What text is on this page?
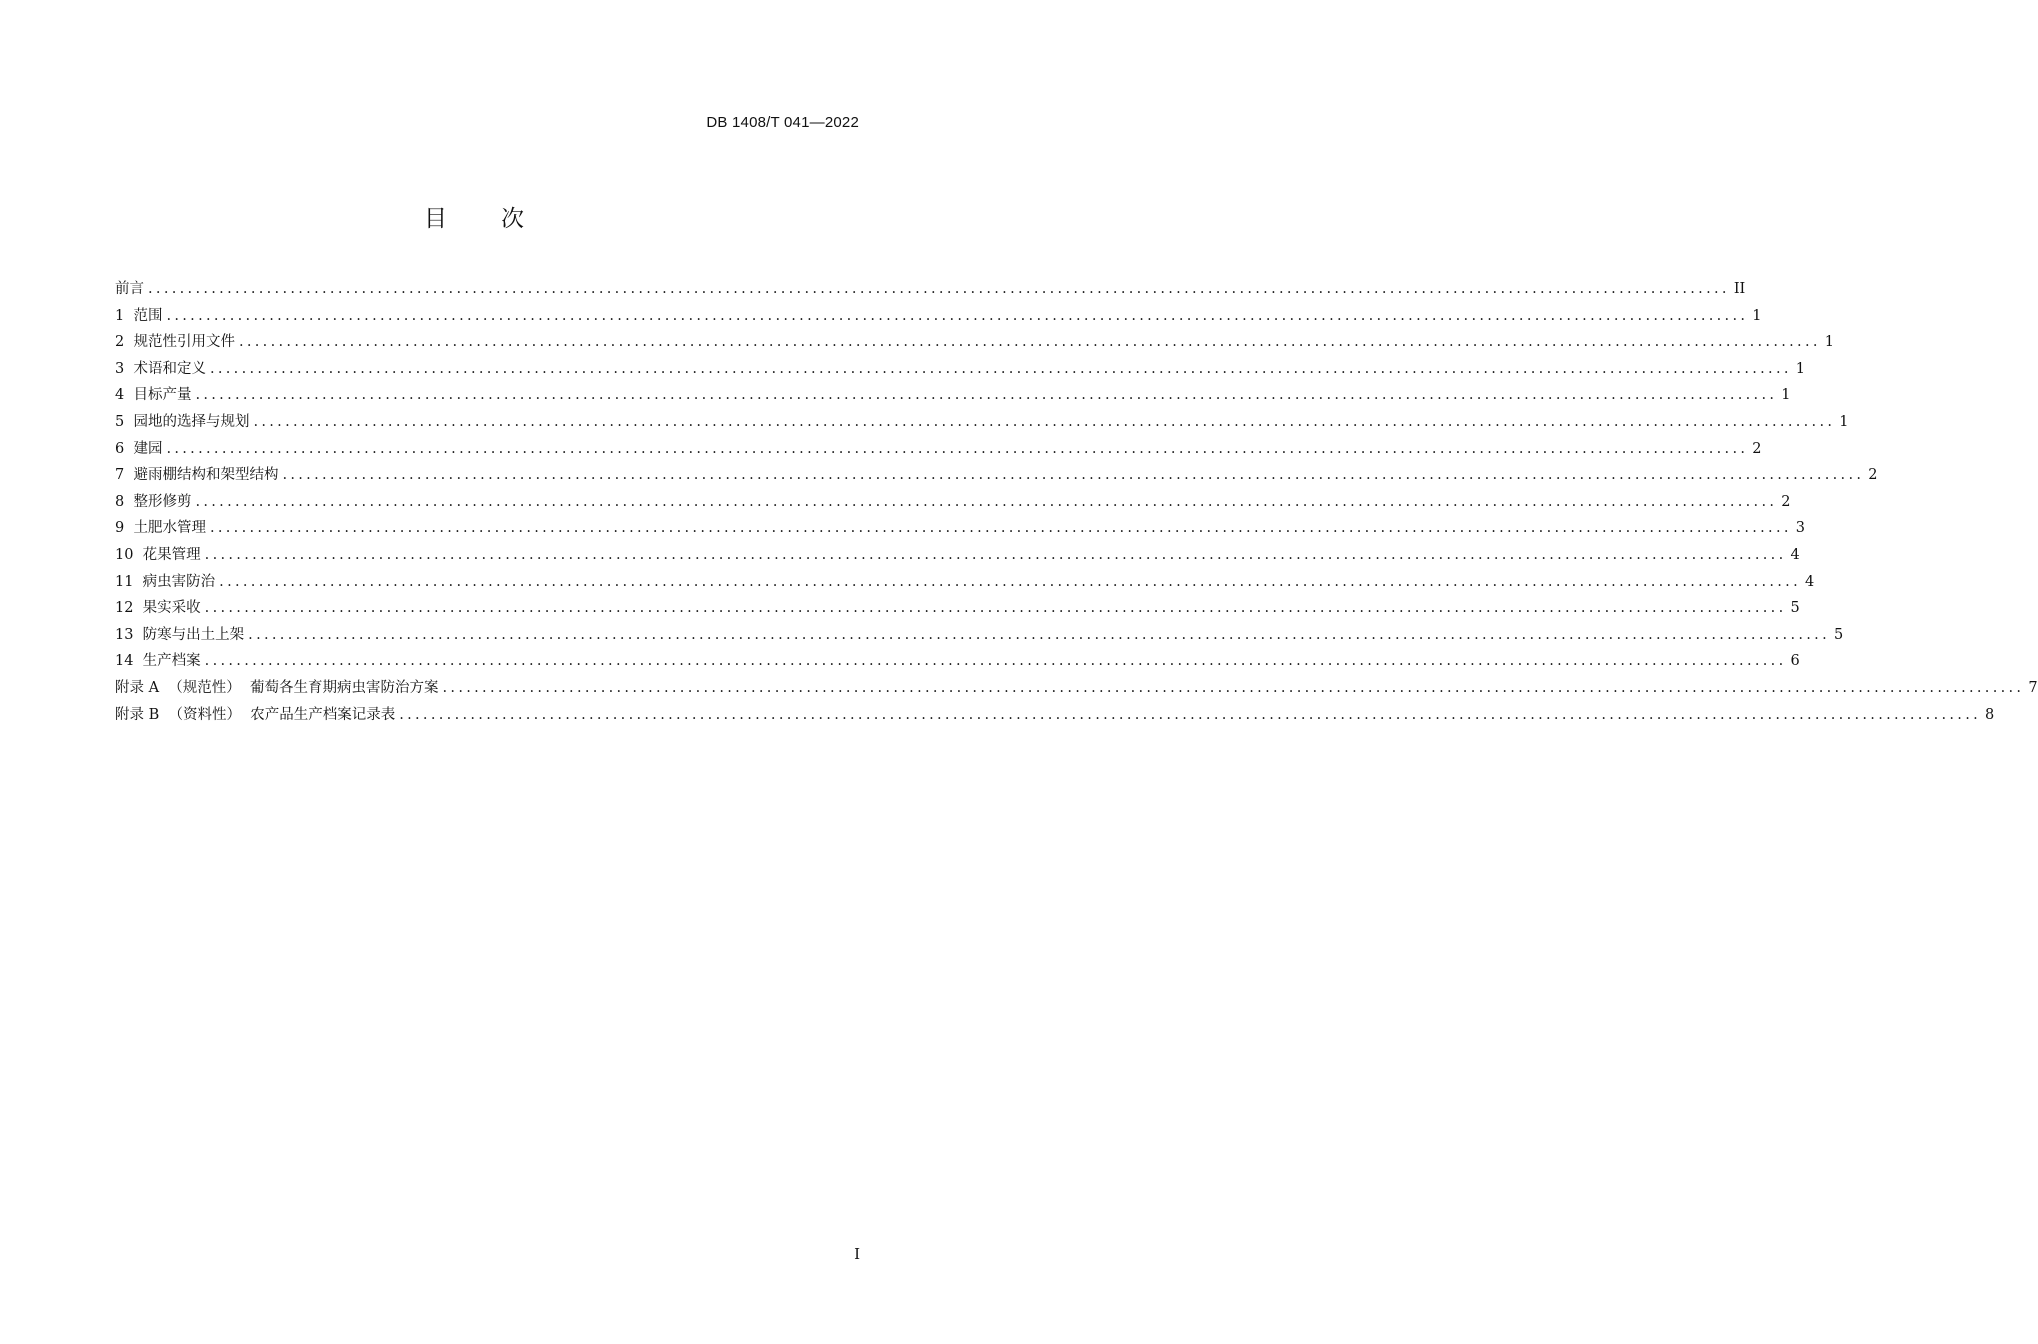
DB 1408/T 041—2022
目 次
前言 ........................................................................................................................................................................................................ II
1  范围 ........................................................................................................................................................................................................ 1
2  规范性引用文件 ........................................................................................................................................................................................................ 1
3  术语和定义 ........................................................................................................................................................................................................ 1
4  目标产量 ........................................................................................................................................................................................................ 1
5  园地的选择与规划 ........................................................................................................................................................................................................ 1
6  建园 ........................................................................................................................................................................................................ 2
7  避雨棚结构和架型结构 ........................................................................................................................................................................................................ 2
8  整形修剪 ........................................................................................................................................................................................................ 2
9  土肥水管理 ........................................................................................................................................................................................................ 3
10  花果管理 ........................................................................................................................................................................................................ 4
11  病虫害防治 ........................................................................................................................................................................................................ 4
12  果实采收 ........................................................................................................................................................................................................ 5
13  防寒与出土上架 ........................................................................................................................................................................................................ 5
14  生产档案 ........................................................................................................................................................................................................ 6
附录 A  （规范性）  葡萄各生育期病虫害防治方案 ........................................................................................................................................................................................................ 7
附录 B  （资料性）  农产品生产档案记录表 ........................................................................................................................................................................................................ 8
I
